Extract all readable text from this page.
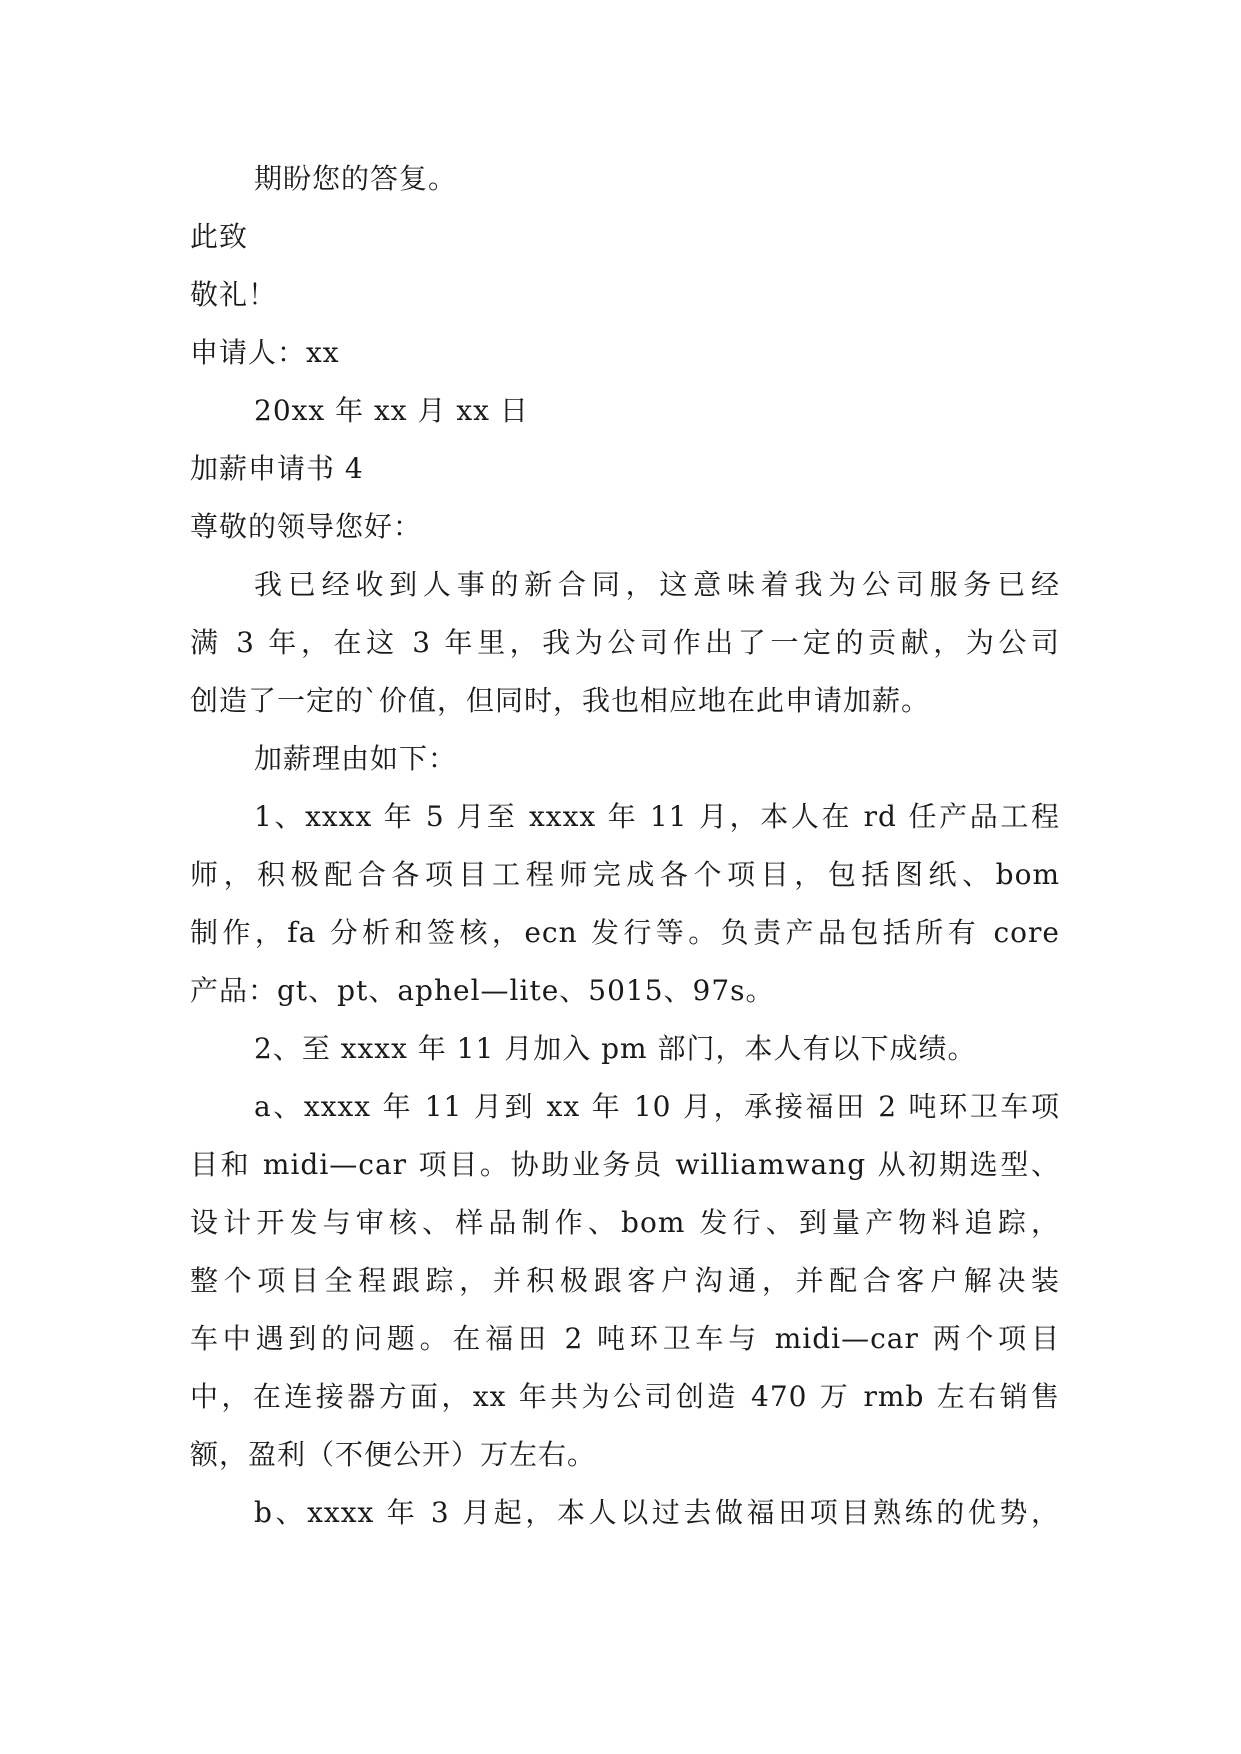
期盼您的答复。
此致
敬礼！
申请人：xx
20xx 年 xx 月 xx 日
加薪申请书 4
尊敬的领导您好：
我已经收到人事的新合同，这意味着我为公司服务已经
满 3 年，在这 3 年里，我为公司作出了一定的贡献，为公司
创造了一定的`价值，但同时，我也相应地在此申请加薪。
加薪理由如下：
1、xxxx 年 5 月至 xxxx 年 11 月，本人在 rd 任产品工程
师，积极配合各项目工程师完成各个项目，包括图纸、bom
制作，fa 分析和签核，ecn 发行等。负责产品包括所有 core
产品：gt、pt、aphel—lite、5015、97s。
2、至 xxxx 年 11 月加入 pm 部门，本人有以下成绩。
a、xxxx 年 11 月到 xx 年 10 月，承接福田 2 吨环卫车项
目和 midi—car 项目。协助业务员 williamwang 从初期选型、
设计开发与审核、样品制作、bom 发行、到量产物料追踪，
整个项目全程跟踪，并积极跟客户沟通，并配合客户解决装
车中遇到的问题。在福田 2 吨环卫车与 midi—car 两个项目
中，在连接器方面，xx 年共为公司创造 470 万 rmb 左右销售
额，盈利（不便公开）万左右。
b、xxxx 年 3 月起，本人以过去做福田项目熟练的优势，
